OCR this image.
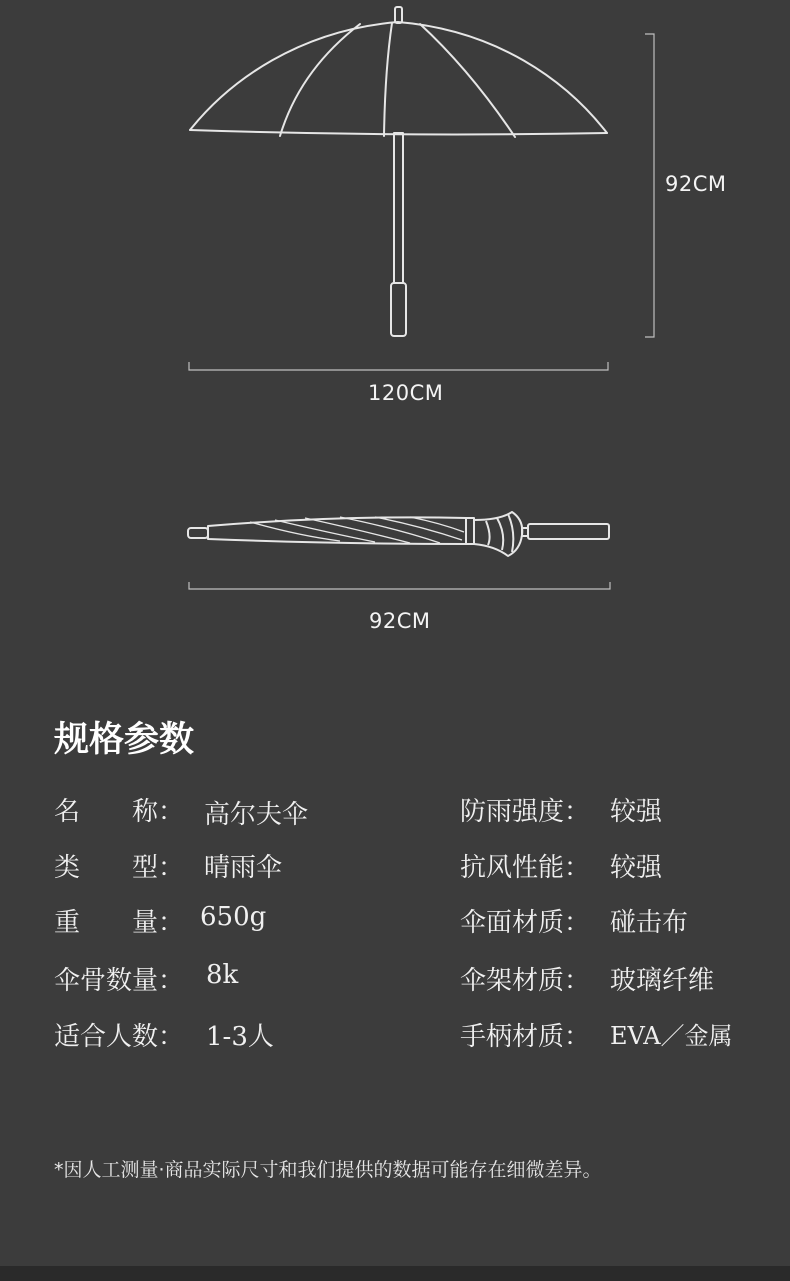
92CM
120CM
92CM
规格参数
名　　称： 高尔夫伞
类　　型： 晴雨伞
重　　量： 650g
伞骨数量： 8k
适合人数： 1-3人
防雨强度： 较强
抗风性能： 较强
伞面材质： 碰击布
伞架材质： 玻璃纤维
手柄材质： EVA／金属
*因人工测量·商品实际尺寸和我们提供的数据可能存在细微差异。
